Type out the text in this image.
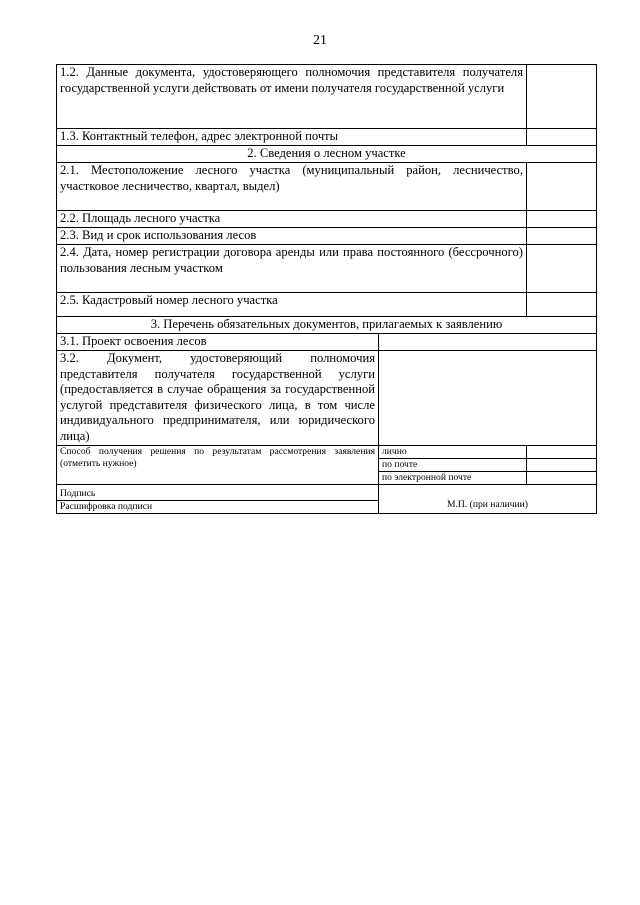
21
1.2. Данные документа, удостоверяющего полномочия представителя получателя государственной услуги действовать от имени получателя государственной услуги		
1.3. Контактный телефон, адрес электронной почты		
2. Сведения о лесном участке		
2.1. Местоположение лесного участка (муниципальный район, лесничество, участковое лесничество, квартал, выдел)		
2.2. Площадь лесного участка		
2.3. Вид и срок использования лесов		
2.4. Дата, номер регистрации договора аренды или права постоянного (бессрочного) пользования лесным участком		
2.5. Кадастровый номер лесного участка		
3. Перечень обязательных документов, прилагаемых к заявлению		
3.1. Проект освоения лесов		
3.2. Документ, удостоверяющий полномочия представителя получателя государственной услуги (предоставляется в случае обращения за государственной услугой представителя физического лица, в том числе индивидуального предпринимателя, или юридического лица)		
Способ получения решения по результатам рассмотрения заявления (отметить нужное)	лично	
	по почте	
	по электронной почте	
Подпись	М.П. (при наличии)	
Расшифровка подписи		
